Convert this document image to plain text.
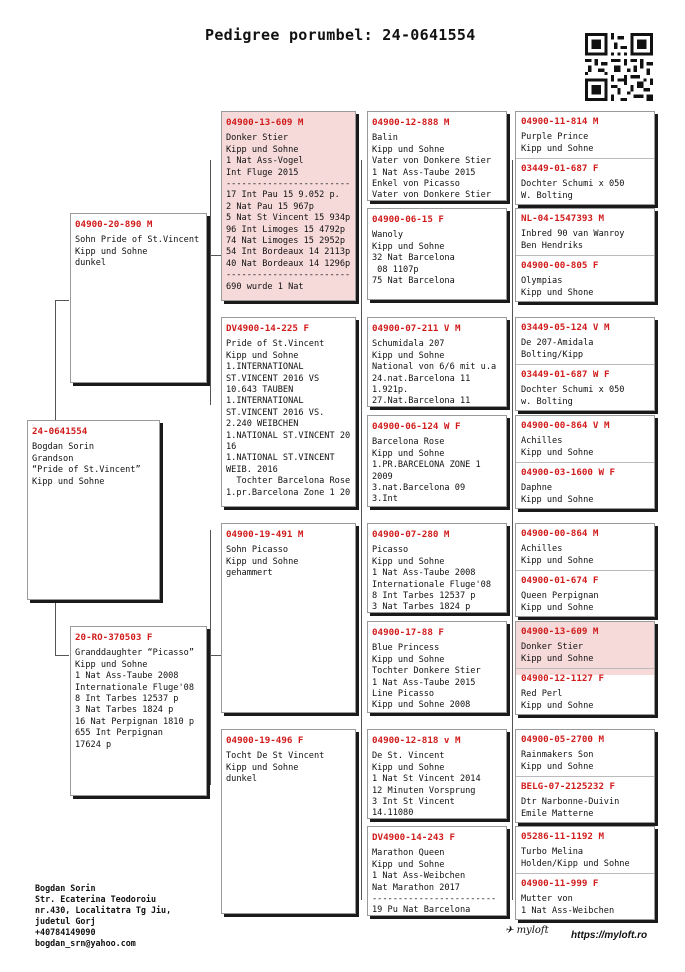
Pedigree porumbel: 24-0641554
24-0641554
Bogdan Sorin
Grandson
“Pride of St.Vincent”
Kipp und Sohne
04900-20-890 M
Sohn Pride of St.Vincent
Kipp und Sohne
dunkel
20-RO-370503 F
Granddaughter “Picasso”
Kipp und Sohne
1 Nat Ass-Taube 2008
Internationale Fluge'08
8 Int Tarbes 12537 p
3 Nat Tarbes 1824 p
16 Nat Perpignan 1810 p
655 Int Perpignan
17624 p
04900-13-609 M
Donker Stier
Kipp und Sohne
1 Nat Ass-Vogel
Int Fluge 2015
------------------------
17 Int Pau 15 9.052 p.
2 Nat Pau 15 967p
5 Nat St Vincent 15 934p
96 Int Limoges 15 4792p
74 Nat Limoges 15 2952p
54 Int Bordeaux 14 2113p
40 Nat Bordeaux 14 1296p
------------------------
690 wurde 1 Nat
DV4900-14-225 F
Pride of St.Vincent
Kipp und Sohne
1.INTERNATIONAL
ST.VINCENT 2016 VS
10.643 TAUBEN
1.INTERNATIONAL
ST.VINCENT 2016 VS.
2.240 WEIBCHEN
1.NATIONAL ST.VINCENT 20
16
1.NATIONAL ST.VINCENT
WEIB. 2016
Tochter Barcelona Rose
1.pr.Barcelona Zone 1 20
04900-19-491 M
Sohn Picasso
Kipp und Sohne
gehammert
04900-19-496 F
Tocht De St Vincent
Kipp und Sohne
dunkel
04900-12-888 M
Balin
Kipp und Sohne
Vater von Donkere Stier
1 Nat Ass-Taube 2015
Enkel von Picasso
Vater von Donkere Stier
04900-06-15 F
Wanoly
Kipp und Sohne
32 Nat Barcelona
08 1107p
75 Nat Barcelona
04900-07-211 V M
Schumidala 207
Kipp und Sohne
National von 6/6 mit u.a
24.nat.Barcelona 11
1.921p.
27.Nat.Barcelona 11
04900-06-124 W F
Barcelona Rose
Kipp und Sohne
1.PR.BARCELONA ZONE 1
2009
3.nat.Barcelona 09
3.Int
04900-07-280 M
Picasso
Kipp und Sohne
1 Nat Ass-Taube 2008
Internationale Fluge'08
8 Int Tarbes 12537 p
3 Nat Tarbes 1824 p
04900-17-88 F
Blue Princess
Kipp und Sohne
Tochter Donkere Stier
1 Nat Ass-Taube 2015
Line Picasso
Kipp und Sohne 2008
04900-12-818 v M
De St. Vincent
Kipp und Sohne
1 Nat St Vincent 2014
12 Minuten Vorsprung
3 Int St Vincent
14.11080
DV4900-14-243 F
Marathon Queen
Kipp und Sohne
1 Nat Ass-Weibchen
Nat Marathon 2017
------------------------
19 Pu Nat Barcelona
04900-11-814 M
Purple Prince
Kipp und Sohne
03449-01-687 F
Dochter Schumi x 050
W. Bolting
NL-04-1547393 M
Inbred 90 van Wanroy
Ben Hendriks
04900-00-805 F
Olympias
Kipp und Shone
03449-05-124 V M
De 207-Amidala
Bolting/Kipp
03449-01-687 W F
Dochter Schumi x 050
w. Bolting
04900-00-864 V M
Achilles
Kipp und Sohne
04900-03-1600 W F
Daphne
Kipp und Sohne
04900-00-864 M
Achilles
Kipp und Sohne
04900-01-674 F
Queen Perpignan
Kipp und Sohne
04900-13-609 M
Donker Stier
Kipp und Sohne
04900-12-1127 F
Red Perl
Kipp und Sohne
04900-05-2700 M
Rainmakers Son
Kipp und Sohne
BELG-07-2125232 F
Dtr Narbonne-Duivin
Emile Matterne
05286-11-1192 M
Turbo Melina
Holden/Kipp und Sohne
04900-11-999 F
Mutter von
1 Nat Ass-Weibchen
Bogdan Sorin
Str. Ecaterina Teodoroiu
nr.430, Localitatra Tg Jiu,
judetul Gorj
+40784149090
bogdan_srn@yahoo.com
✈ myloft https://myloft.ro
